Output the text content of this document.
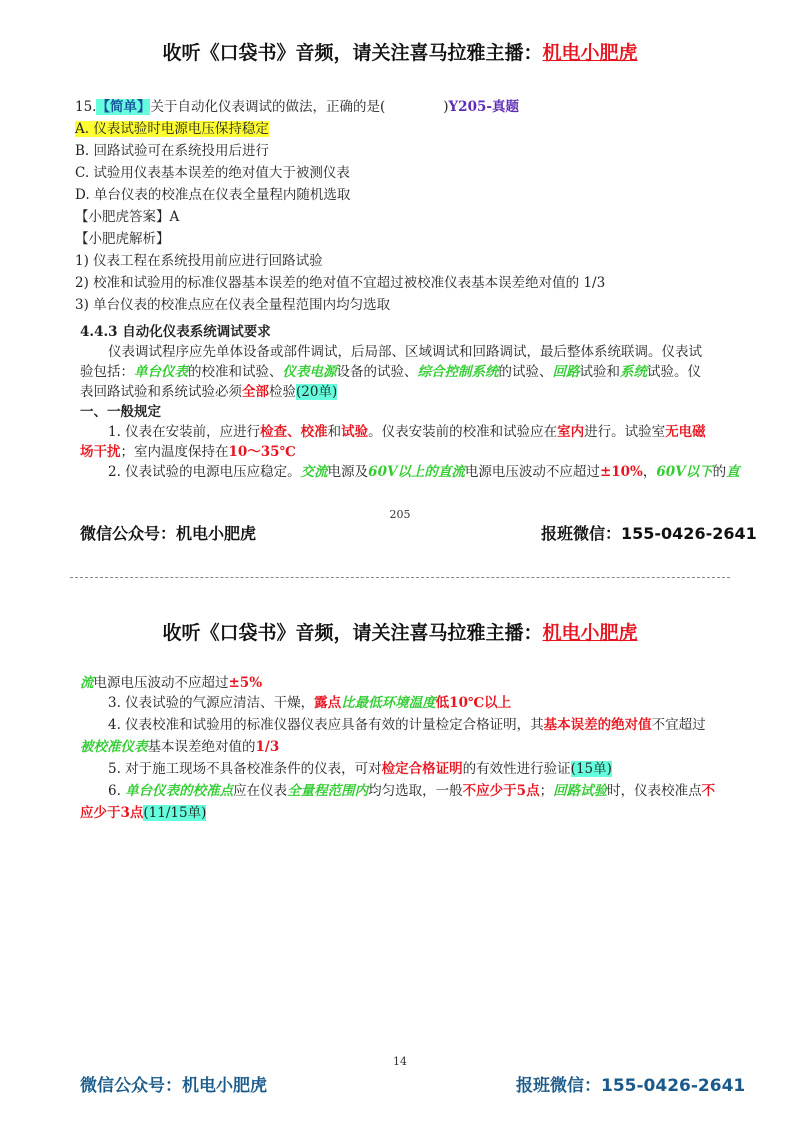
收听《口袋书》音频，请关注喜马拉雅主播：机电小肥虎
15.【简单】关于自动化仪表调试的做法，正确的是(	)Y205-真题
A. 仪表试验时电源电压保持稳定
B. 回路试验可在系统投用后进行
C. 试验用仪表基本误差的绝对值大于被测仪表
D. 单台仪表的校准点在仪表全量程内随机选取
【小肥虎答案】A
【小肥虎解析】
1) 仪表工程在系统投用前应进行回路试验
2) 校准和试验用的标准仪器基本误差的绝对值不宜超过被校准仪表基本误差绝对值的 1/3
3) 单台仪表的校准点应在仪表全量程范围内均匀选取
4.4.3 自动化仪表系统调试要求
仪表调试程序应先单体设备或部件调试，后局部、区域调试和回路调试，最后整体系统联调。仪表试
验包括：单台仪表的校准和试验、仪表电源设备的试验、综合控制系统的试验、回路试验和系统试验。仪
表回路试验和系统试验必须全部检验(20单)
一、一般规定
1. 仪表在安装前，应进行检查、校准和试验。仪表安装前的校准和试验应在室内进行。试验室无电磁
场干扰；室内温度保持在10～35℃
2. 仪表试验的电源电压应稳定。交流电源及60V以上的直流电源电压波动不应超过±10%，60V以下的直
205
微信公众号：机电小肥虎	报班微信：155-0426-2641
收听《口袋书》音频，请关注喜马拉雅主播：机电小肥虎
流电源电压波动不应超过±5%
3. 仪表试验的气源应清洁、干燥，露点比最低环境温度低10℃以上
4. 仪表校准和试验用的标准仪器仪表应具备有效的计量检定合格证明，其基本误差的绝对值不宜超过
被校准仪表基本误差绝对值的1/3
5. 对于施工现场不具备校准条件的仪表，可对检定合格证明的有效性进行验证(15单)
6. 单台仪表的校准点应在仪表全量程范围内均匀选取，一般不应少于5点；回路试验时，仪表校准点不
应少于3点(11/15单)
14
微信公众号：机电小肥虎	报班微信：155-0426-2641
